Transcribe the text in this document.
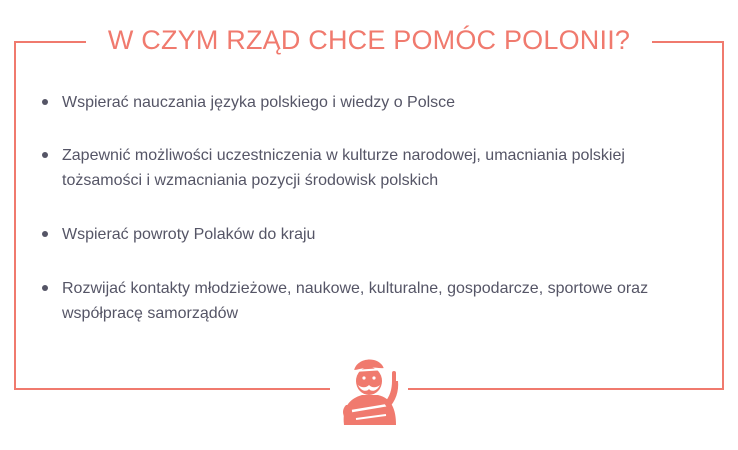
W CZYM RZĄD CHCE POMÓC POLONII?
Wspierać nauczania języka polskiego i wiedzy o Polsce
Zapewnić możliwości uczestniczenia w kulturze narodowej, umacniania polskiej tożsamości i wzmacniania pozycji środowisk polskich
Wspierać powroty Polaków do kraju
Rozwijać kontakty młodzieżowe, naukowe, kulturalne, gospodarcze, sportowe oraz współpracę samorządów
